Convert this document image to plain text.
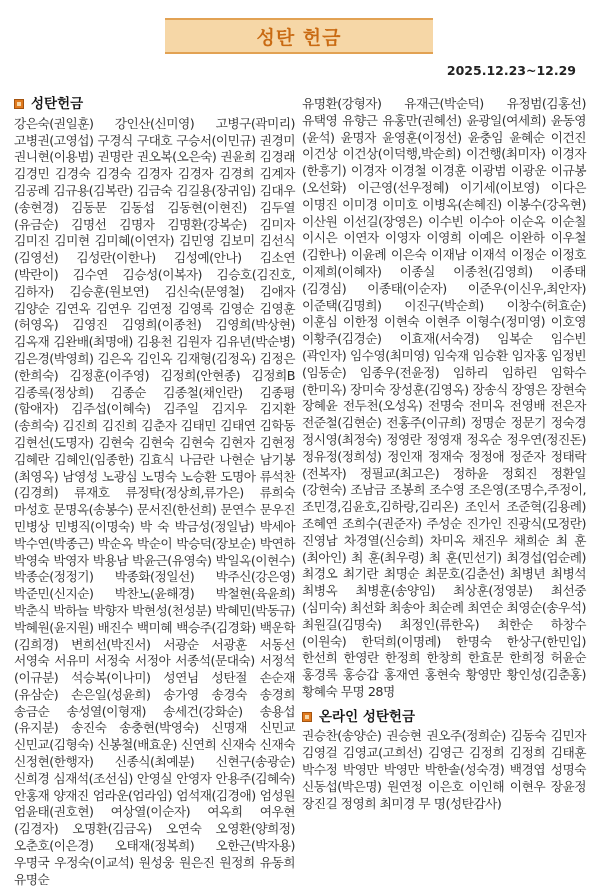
성탄 헌금
2025.12.23~12.29
성탄헌금
강은숙(권일훈) 강인산(신미영) 고병구(곽미리) 고병권(고영섭) 구경식 구대호 구승서(이민규) 권경미 권니현(이용범) 권명란 권오복(오은숙) 권윤희 김경래 김경민 김경숙 김경숙 김경자 김경자 김경희 김계자 김공례 김규용(김복란) 김금숙 김길용(장귀임) 김대우(송현경) 김동문 김동섭 김동현(이현진) 김두열(유금순) 김명선 김명자 김명환(강복순) 김미자 김미진 김미현 김미혜(이연자) 김민영 김보미 김선식(김영선) 김성란(이한나) 김성예(안나) 김소연(박란이) 김수연 김승성(이복자) 김승호(김진호,김하자) 김승훈(원보연) 김신숙(문영철) 김애자 김양순 김연옥 김연우 김연정 김영록 김영순 김영훈(허영옥) 김영진 김영희(이종천) 김영희(박상현) 김옥재 김완배(최명애) 김용천 김원자 김유년(박순병) 김은경(박영희) 김은옥 김인옥 김재형(김정옥) 김정은(한희숙) 김정훈(이주영) 김정희(안현종) 김정희B 김종록(정상희) 김종순 김종철(채인란) 김종평(함애자) 김주섭(이혜숙) 김주일 김지우 김지환(송희숙) 김진희 김진희 김춘자 김태민 김태연 김학동 김현선(도명자) 김현숙 김현숙 김현숙 김현자 김현정 김혜란 김혜인(임종한) 김효식 나금란 나현순 남기봉(최영옥) 남영성 노광심 노명숙 노승환 도명아 류석찬(김경희) 류재호 류정탁(정상희,류가은) 류희숙 마성호 문명옥(송봉수) 문서진(한선희) 문연수 문우진 민병상 민병직(이명숙) 박 숙 박금성(정일남) 박세아 박수연(박종근) 박순옥 박순이 박승덕(장보순) 박연하 박영숙 박영자 박용남 박윤근(유영숙) 박일옥(이현수) 박종순(정정기) 박종화(정일선) 박주신(강은영) 박준민(신지순) 박찬노(윤해경) 박철현(육윤희) 박춘식 박하늘 박향자 박현성(천성분) 박혜민(박동규) 박혜원(윤지원) 배진수 백미혜 백승주(김경화) 백운학(김희경) 변희선(박진서) 서광순 서광훈 서동선 서영숙 서유미 서정숙 서정아 서종석(문대숙) 서정석(이규분) 석승복(이나미) 성연님 성탄절 손순재(유삼순) 손은일(성윤희) 송가영 송경숙 송경희 송금순 송성열(이형재) 송세건(강화순) 송용섭(유지분) 송진숙 송충현(박영숙) 신명재 신민교 신민교(김형숙) 신봉철(배효운) 신연희 신재숙 신재숙 신정현(한행자) 신종식(최예분) 신현구(송광순) 신희경 심재석(조선심) 안영실 안영자 안용주(김혜숙) 안홍재 양재진 엄라운(엄라임) 엄석재(김경애) 엄성원 엄윤태(권호현) 여상열(이순자) 여옥희 여우현(김경자) 오명환(김금옥) 오연숙 오영환(양희정) 오춘호(이은경) 오태재(정복희) 오한근(박자용) 우명국 우정숙(이교석) 원성웅 원은진 원정희 유동희 유명순
유명환(강형자) 유재근(박순덕) 유정범(김홍선) 유택영 유향근 유홍만(권혜선) 윤광일(여세희) 윤동영(윤석) 윤명자 윤영훈(이정선) 윤충임 윤혜순 이건진 이건상 이건상(이덕행,박순희) 이건행(최미자) 이경자(한흥기) 이경자 이경철 이경훈 이광범 이광운 이규봉(오선화) 이근영(선우정혜) 이기세(이보영) 이다은 이명진 이미경 이미호 이병옥(손혜진) 이봉수(강옥현) 이산원 이선길(장영은) 이수빈 이수아 이순옥 이순칠 이시은 이연자 이영자 이영희 이예은 이완하 이우철(김한나) 이윤례 이은숙 이재남 이재석 이정순 이정호 이제희(이혜자) 이종실 이종천(김영희) 이종태(김경심) 이종태(이순자) 이준우(이신우,최안자) 이준택(김명희) 이진구(박순희) 이창수(허효순) 이훈심 이한정 이현숙 이현주 이형수(정미영) 이호영 이황주(김경순) 이효재(서숙경) 임복순 임수빈(곽인자) 임수영(최미영) 임숙재 임승환 임자홍 임정빈(임동순) 임종우(전윤정) 임하리 임하린 임학수(한미옥) 장미숙 장성훈(김영옥) 장송식 장영은 장현숙 장혜윤 전두천(오성옥) 전명숙 전미옥 전영배 전은자 전준철(김현순) 전홍주(이규희) 정명순 정문기 정숙경 정시영(최정숙) 정영란 정영재 정옥순 정우연(정진돈) 정유정(정희성) 정인재 정재숙 정정애 정준자 정태락(전복자) 정필교(최고은) 정하윤 정회진 정환일(강현숙) 조남금 조봉희 조수영 조은영(조명수,주정이,조민경,김윤호,김하랑,김리온) 조인서 조준혁(김용례) 조혜연 조희수(권준자) 주성순 진가인 진광식(모정란) 진영남 차경열(신승희) 차미옥 채진우 채희순 최 훈(최아인) 최 훈(최우령) 최 훈(민선기) 최경섭(엄순례) 최경오 최기란 최명순 최문호(김춘선) 최병년 최병석 최병옥 최병훈(송양임) 최상훈(정영분) 최선중(심미숙) 최선화 최송아 최순례 최연순 최영순(송우석) 최원길(김명숙) 최정인(류한옥) 최한순 하창수(이원숙) 한덕희(이명례) 한명숙 한상구(한민입) 한선희 한영란 한정희 한창희 한효문 한희정 허윤순 홍경록 홍승갑 홍재연 홍현숙 황영만 황인성(김춘홍) 황혜숙 무명 28명
온라인 성탄헌금
권승찬(송양순) 권승현 권오주(정희순) 김동숙 김민자 김영걸 김영교(고희선) 김영근 김정희 김정희 김태훈 박수정 박영만 박영만 박한솔(성숙경) 백경엽 성명숙 신동섭(박은명) 원연정 이은호 이인해 이현우 장윤정 장진길 정영희 최미경 무 명(성탄감사)
